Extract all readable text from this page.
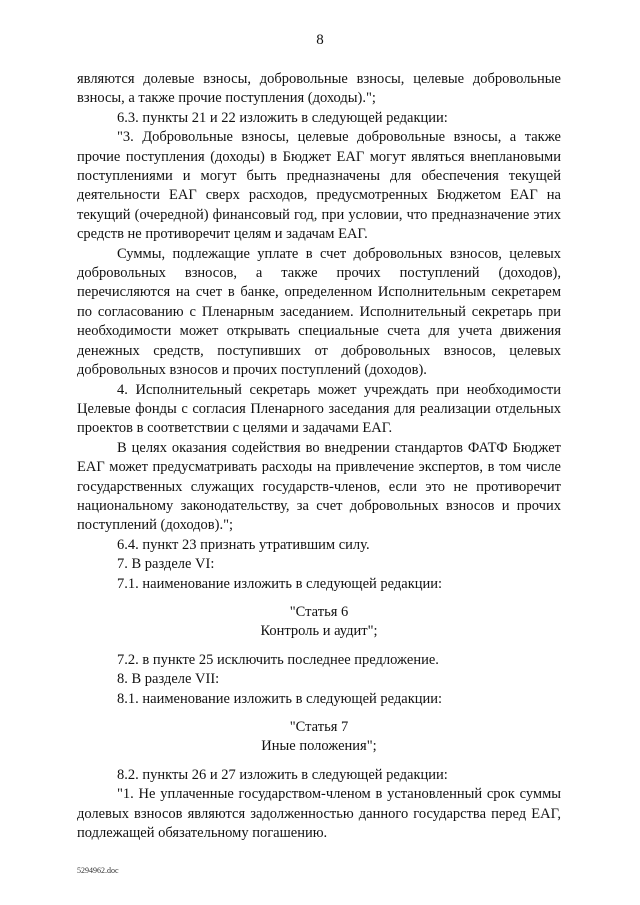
8

являются долевые взносы, добровольные взносы, целевые добровольные взносы, а также прочие поступления (доходы).";

6.3. пункты 21 и 22 изложить в следующей редакции:

"3. Добровольные взносы, целевые добровольные взносы, а также прочие поступления (доходы) в Бюджет ЕАГ могут являться внеплановыми поступлениями и могут быть предназначены для обеспечения текущей деятельности ЕАГ сверх расходов, предусмотренных Бюджетом ЕАГ на текущий (очередной) финансовый год, при условии, что предназначение этих средств не противоречит целям и задачам ЕАГ.

Суммы, подлежащие уплате в счет добровольных взносов, целевых добровольных взносов, а также прочих поступлений (доходов), перечисляются на счет в банке, определенном Исполнительным секретарем по согласованию с Пленарным заседанием. Исполнительный секретарь при необходимости может открывать специальные счета для учета движения денежных средств, поступивших от добровольных взносов, целевых добровольных взносов и прочих поступлений (доходов).

4. Исполнительный секретарь может учреждать при необходимости Целевые фонды с согласия Пленарного заседания для реализации отдельных проектов в соответствии с целями и задачами ЕАГ.

В целях оказания содействия во внедрении стандартов ФАТФ Бюджет ЕАГ может предусматривать расходы на привлечение экспертов, в том числе государственных служащих государств-членов, если это не противоречит национальному законодательству, за счет добровольных взносов и прочих поступлений (доходов).";

6.4. пункт 23 признать утратившим силу.

7. В разделе VI:

7.1. наименование изложить в следующей редакции:

"Статья 6

Контроль и аудит";

7.2. в пункте 25 исключить последнее предложение.

8. В разделе VII:

8.1. наименование изложить в следующей редакции:

"Статья 7

Иные положения";

8.2. пункты 26 и 27 изложить в следующей редакции:

"1. Не уплаченные государством-членом в установленный срок суммы долевых взносов являются задолженностью данного государства перед ЕАГ, подлежащей обязательному погашению.

5294962.doc
